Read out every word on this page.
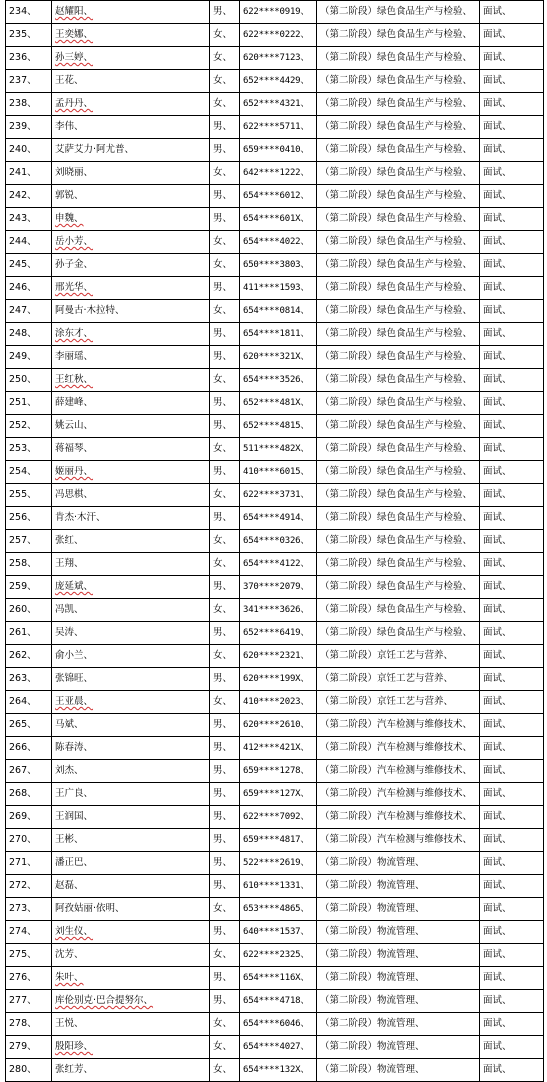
234、	赵耀阳、	男、	622****0919、	（第二阶段）绿色食品生产与检验、	面试、
235、	王奕娜、	女、	622****0222、	（第二阶段）绿色食品生产与检验、	面试、
236、	孙三婷、	女、	620****7123、	（第二阶段）绿色食品生产与检验、	面试、
237、	王花、	女、	652****4429、	（第二阶段）绿色食品生产与检验、	面试、
238、	孟丹丹、	女、	652****4321、	（第二阶段）绿色食品生产与检验、	面试、
239、	李伟、	男、	622****5711、	（第二阶段）绿色食品生产与检验、	面试、
240、	艾萨艾力·阿尤普、	男、	659****0410、	（第二阶段）绿色食品生产与检验、	面试、
241、	刘晓丽、	女、	642****1222、	（第二阶段）绿色食品生产与检验、	面试、
242、	郭锐、	男、	654****6012、	（第二阶段）绿色食品生产与检验、	面试、
243、	申魏、	男、	654****601X、	（第二阶段）绿色食品生产与检验、	面试、
244、	岳小芳、	女、	654****4022、	（第二阶段）绿色食品生产与检验、	面试、
245、	孙子金、	女、	650****3803、	（第二阶段）绿色食品生产与检验、	面试、
246、	邢光华、	男、	411****1593、	（第二阶段）绿色食品生产与检验、	面试、
247、	阿曼古·木拉特、	女、	654****0814、	（第二阶段）绿色食品生产与检验、	面试、
248、	涂东才、	男、	654****1811、	（第二阶段）绿色食品生产与检验、	面试、
249、	李丽瑶、	男、	620****321X、	（第二阶段）绿色食品生产与检验、	面试、
250、	王红秋、	女、	654****3526、	（第二阶段）绿色食品生产与检验、	面试、
251、	薛建峰、	男、	652****481X、	（第二阶段）绿色食品生产与检验、	面试、
252、	姚云山、	男、	652****4815、	（第二阶段）绿色食品生产与检验、	面试、
253、	蒋福琴、	女、	511****482X、	（第二阶段）绿色食品生产与检验、	面试、
254、	姬丽丹、	男、	410****6015、	（第二阶段）绿色食品生产与检验、	面试、
255、	冯思棋、	女、	622****3731、	（第二阶段）绿色食品生产与检验、	面试、
256、	肯杰·木汗、	男、	654****4914、	（第二阶段）绿色食品生产与检验、	面试、
257、	张红、	女、	654****0326、	（第二阶段）绿色食品生产与检验、	面试、
258、	王翔、	女、	654****4122、	（第二阶段）绿色食品生产与检验、	面试、
259、	庞延斌、	男、	370****2079、	（第二阶段）绿色食品生产与检验、	面试、
260、	冯凯、	女、	341****3626、	（第二阶段）绿色食品生产与检验、	面试、
261、	吴涛、	男、	652****6419、	（第二阶段）绿色食品生产与检验、	面试、
262、	俞小兰、	女、	620****2321、	（第二阶段）京饪工艺与营养、	面试、
263、	张锦旺、	男、	620****199X、	（第二阶段）京饪工艺与营养、	面试、
264、	王亚晨、	女、	410****2023、	（第二阶段）京饪工艺与营养、	面试、
265、	马斌、	男、	620****2610、	（第二阶段）汽车检测与维修技术、	面试、
266、	陈春涛、	男、	412****421X、	（第二阶段）汽车检测与维修技术、	面试、
267、	刘杰、	男、	659****1278、	（第二阶段）汽车检测与维修技术、	面试、
268、	王广良、	男、	659****127X、	（第二阶段）汽车检测与维修技术、	面试、
269、	王润国、	男、	622****7092、	（第二阶段）汽车检测与维修技术、	面试、
270、	王彬、	男、	659****4817、	（第二阶段）汽车检测与维修技术、	面试、
271、	潘正巴、	男、	522****2619、	（第二阶段）物流管理、	面试、
272、	赵磊、	男、	610****1331、	（第二阶段）物流管理、	面试、
273、	阿孜姑丽·依明、	女、	653****4865、	（第二阶段）物流管理、	面试、
274、	刘生仪、	男、	640****1537、	（第二阶段）物流管理、	面试、
275、	沈芳、	女、	622****2325、	（第二阶段）物流管理、	面试、
276、	朱叶、	男、	654****116X、	（第二阶段）物流管理、	面试、
277、	库伦别克·巴合提努尔、	男、	654****4718、	（第二阶段）物流管理、	面试、
278、	王悦、	女、	654****6046、	（第二阶段）物流管理、	面试、
279、	殷阳珍、	女、	654****4027、	（第二阶段）物流管理、	面试、
280、	张红芳、	女、	654****132X、	（第二阶段）物流管理、	面试、
